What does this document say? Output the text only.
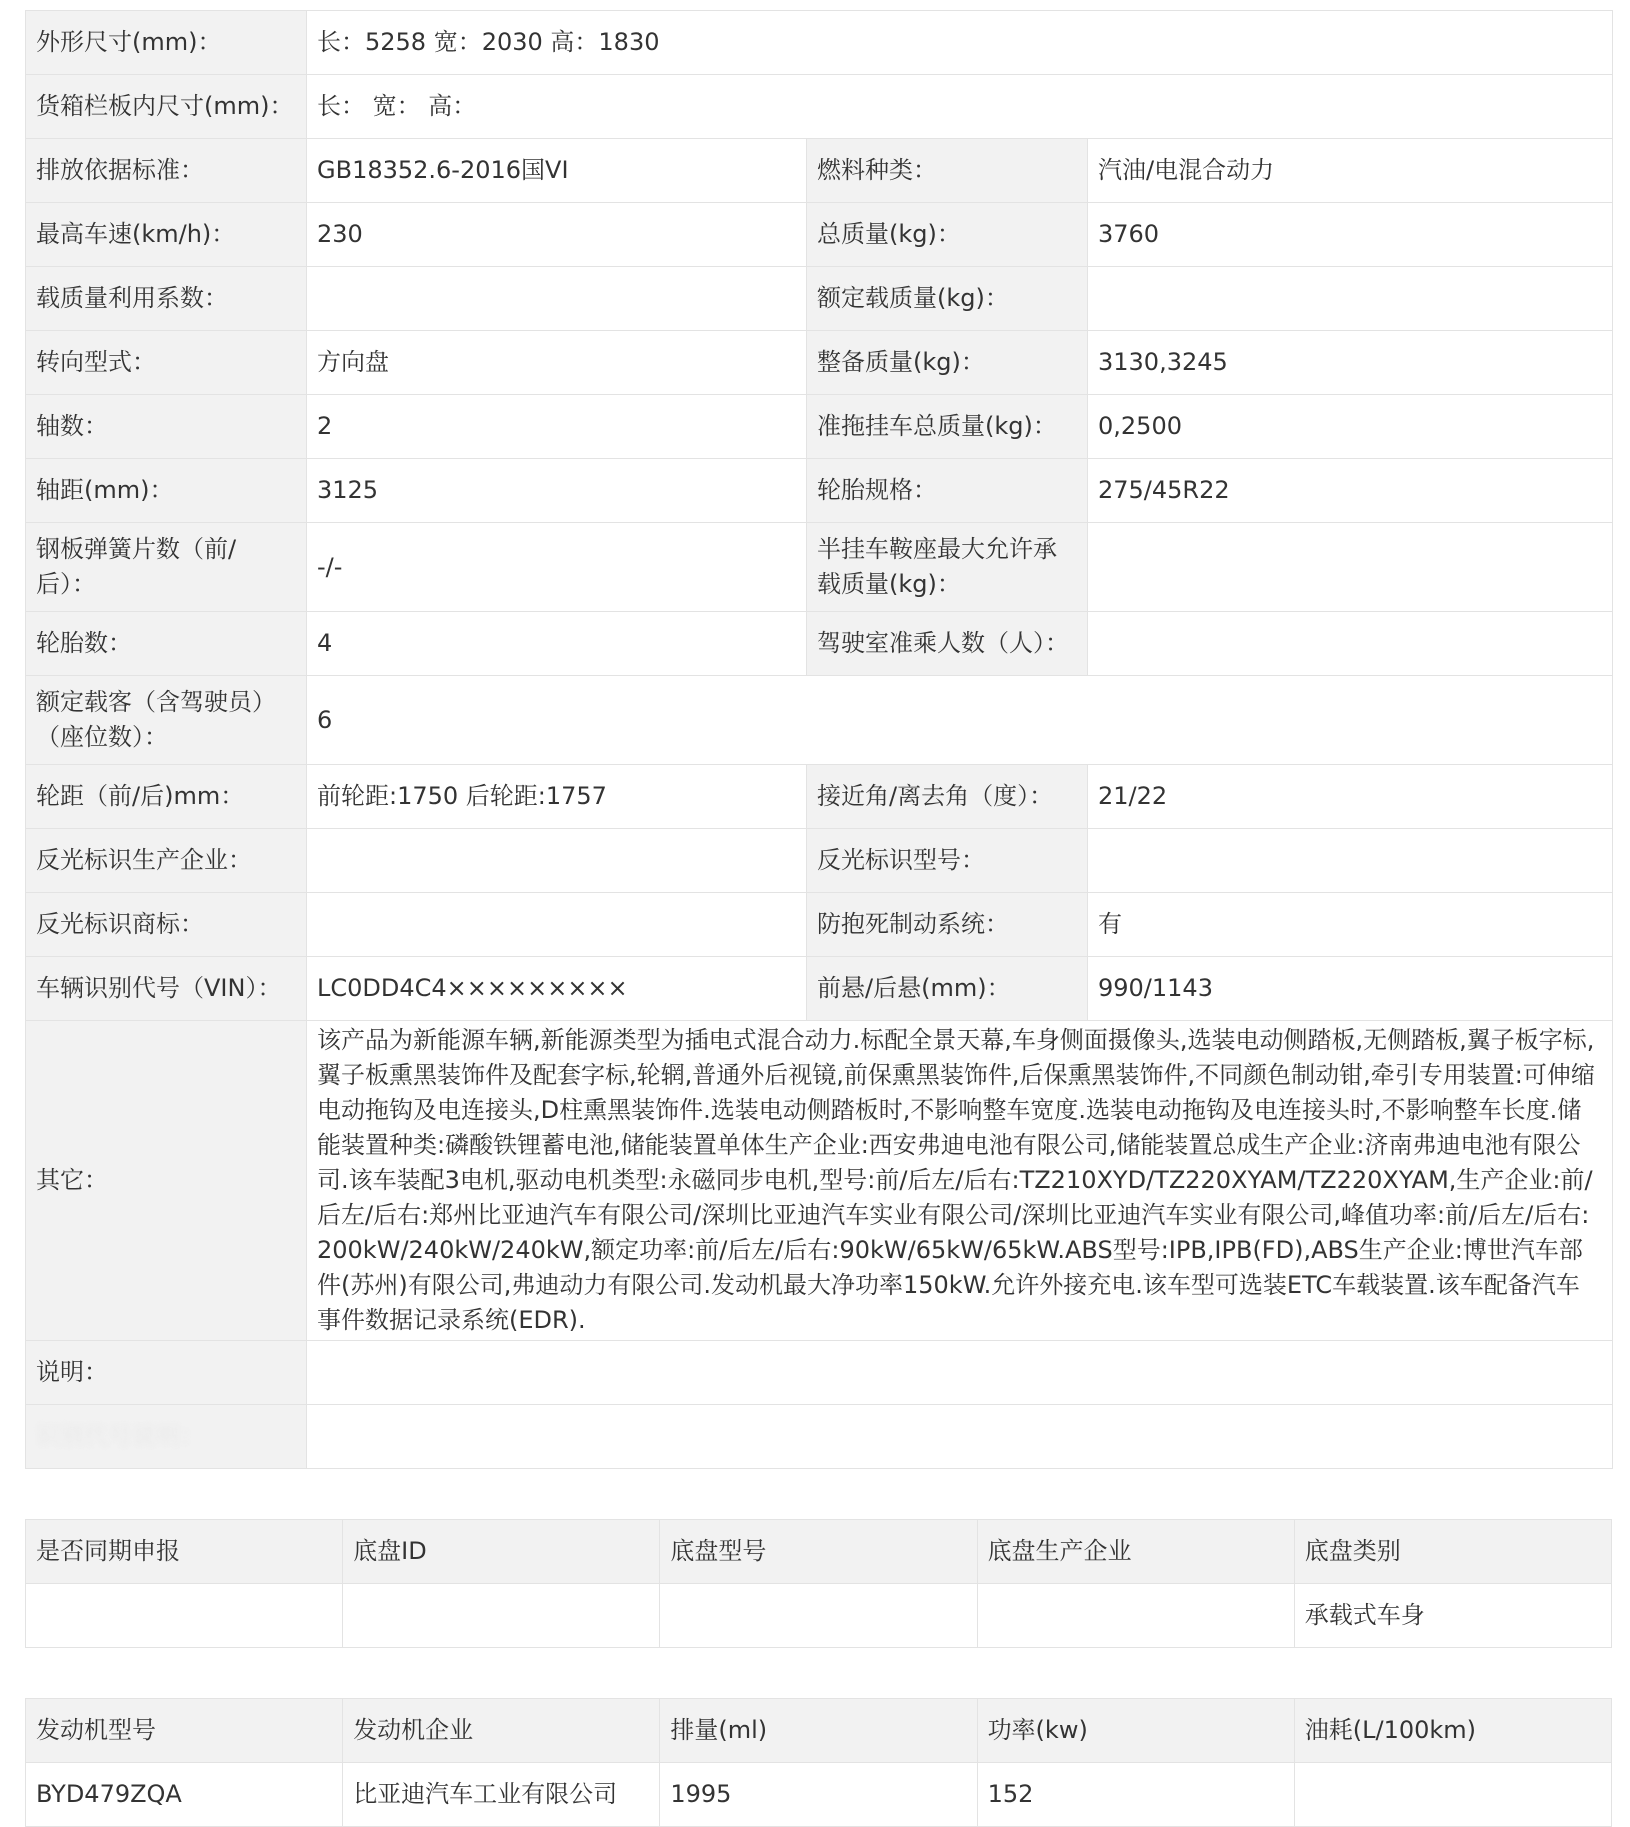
外形尺寸(mm)：	长：5258 宽：2030 高：1830		
货箱栏板内尺寸(mm)：	长： 宽： 高：		
排放依据标准：	GB18352.6-2016国VI	燃料种类：	汽油/电混合动力
最高车速(km/h)：	230	总质量(kg)：	3760
载质量利用系数：		额定载质量(kg)：	
转向型式：	方向盘	整备质量(kg)：	3130,3245
轴数：	2	准拖挂车总质量(kg)：	0,2500
轴距(mm)：	3125	轮胎规格：	275/45R22
钢板弹簧片数（前/后）：	-/-	半挂车鞍座最大允许承载质量(kg)：	
轮胎数：	4	驾驶室准乘人数（人）：	
额定载客（含驾驶员）（座位数）：	6		
轮距（前/后)mm：	前轮距:1750 后轮距:1757	接近角/离去角（度）：	21/22
反光标识生产企业：		反光标识型号：	
反光标识商标：		防抱死制动系统：	有
车辆识别代号（VIN）：	LC0DD4C4×××××××××	前悬/后悬(mm)：	990/1143
其它：	该产品为新能源车辆,新能源类型为插电式混合动力.标配全景天幕,车身侧面摄像头,选装电动侧踏板,无侧踏板,翼子板字标,翼子板熏黑装饰件及配套字标,轮辋,普通外后视镜,前保熏黑装饰件,后保熏黑装饰件,不同颜色制动钳,牵引专用装置:可伸缩电动拖钩及电连接头,D柱熏黑装饰件.选装电动侧踏板时,不影响整车宽度.选装电动拖钩及电连接头时,不影响整车长度.储能装置种类:磷酸铁锂蓄电池,储能装置单体生产企业:西安弗迪电池有限公司,储能装置总成生产企业:济南弗迪电池有限公司.该车装配3电机,驱动电机类型:永磁同步电机,型号:前/后左/后右:TZ210XYD/TZ220XYAM/TZ220XYAM,生产企业:前/后左/后右:郑州比亚迪汽车有限公司/深圳比亚迪汽车实业有限公司/深圳比亚迪汽车实业有限公司,峰值功率:前/后左/后右:200kW/240kW/240kW,额定功率:前/后左/后右:90kW/65kW/65kW.ABS型号:IPB,IPB(FD),ABS生产企业:博世汽车部件(苏州)有限公司,弗迪动力有限公司.发动机最大净功率150kW.允许外接充电.该车型可选装ETC车载装置.该车配备汽车事件数据记录系统(EDR).		
说明：			
识别代号说明：			
是否同期申报	底盘ID	底盘型号	底盘生产企业	底盘类别
				承载式车身
发动机型号	发动机企业	排量(ml)	功率(kw)	油耗(L/100km)
BYD479ZQA	比亚迪汽车工业有限公司	1995	152	
